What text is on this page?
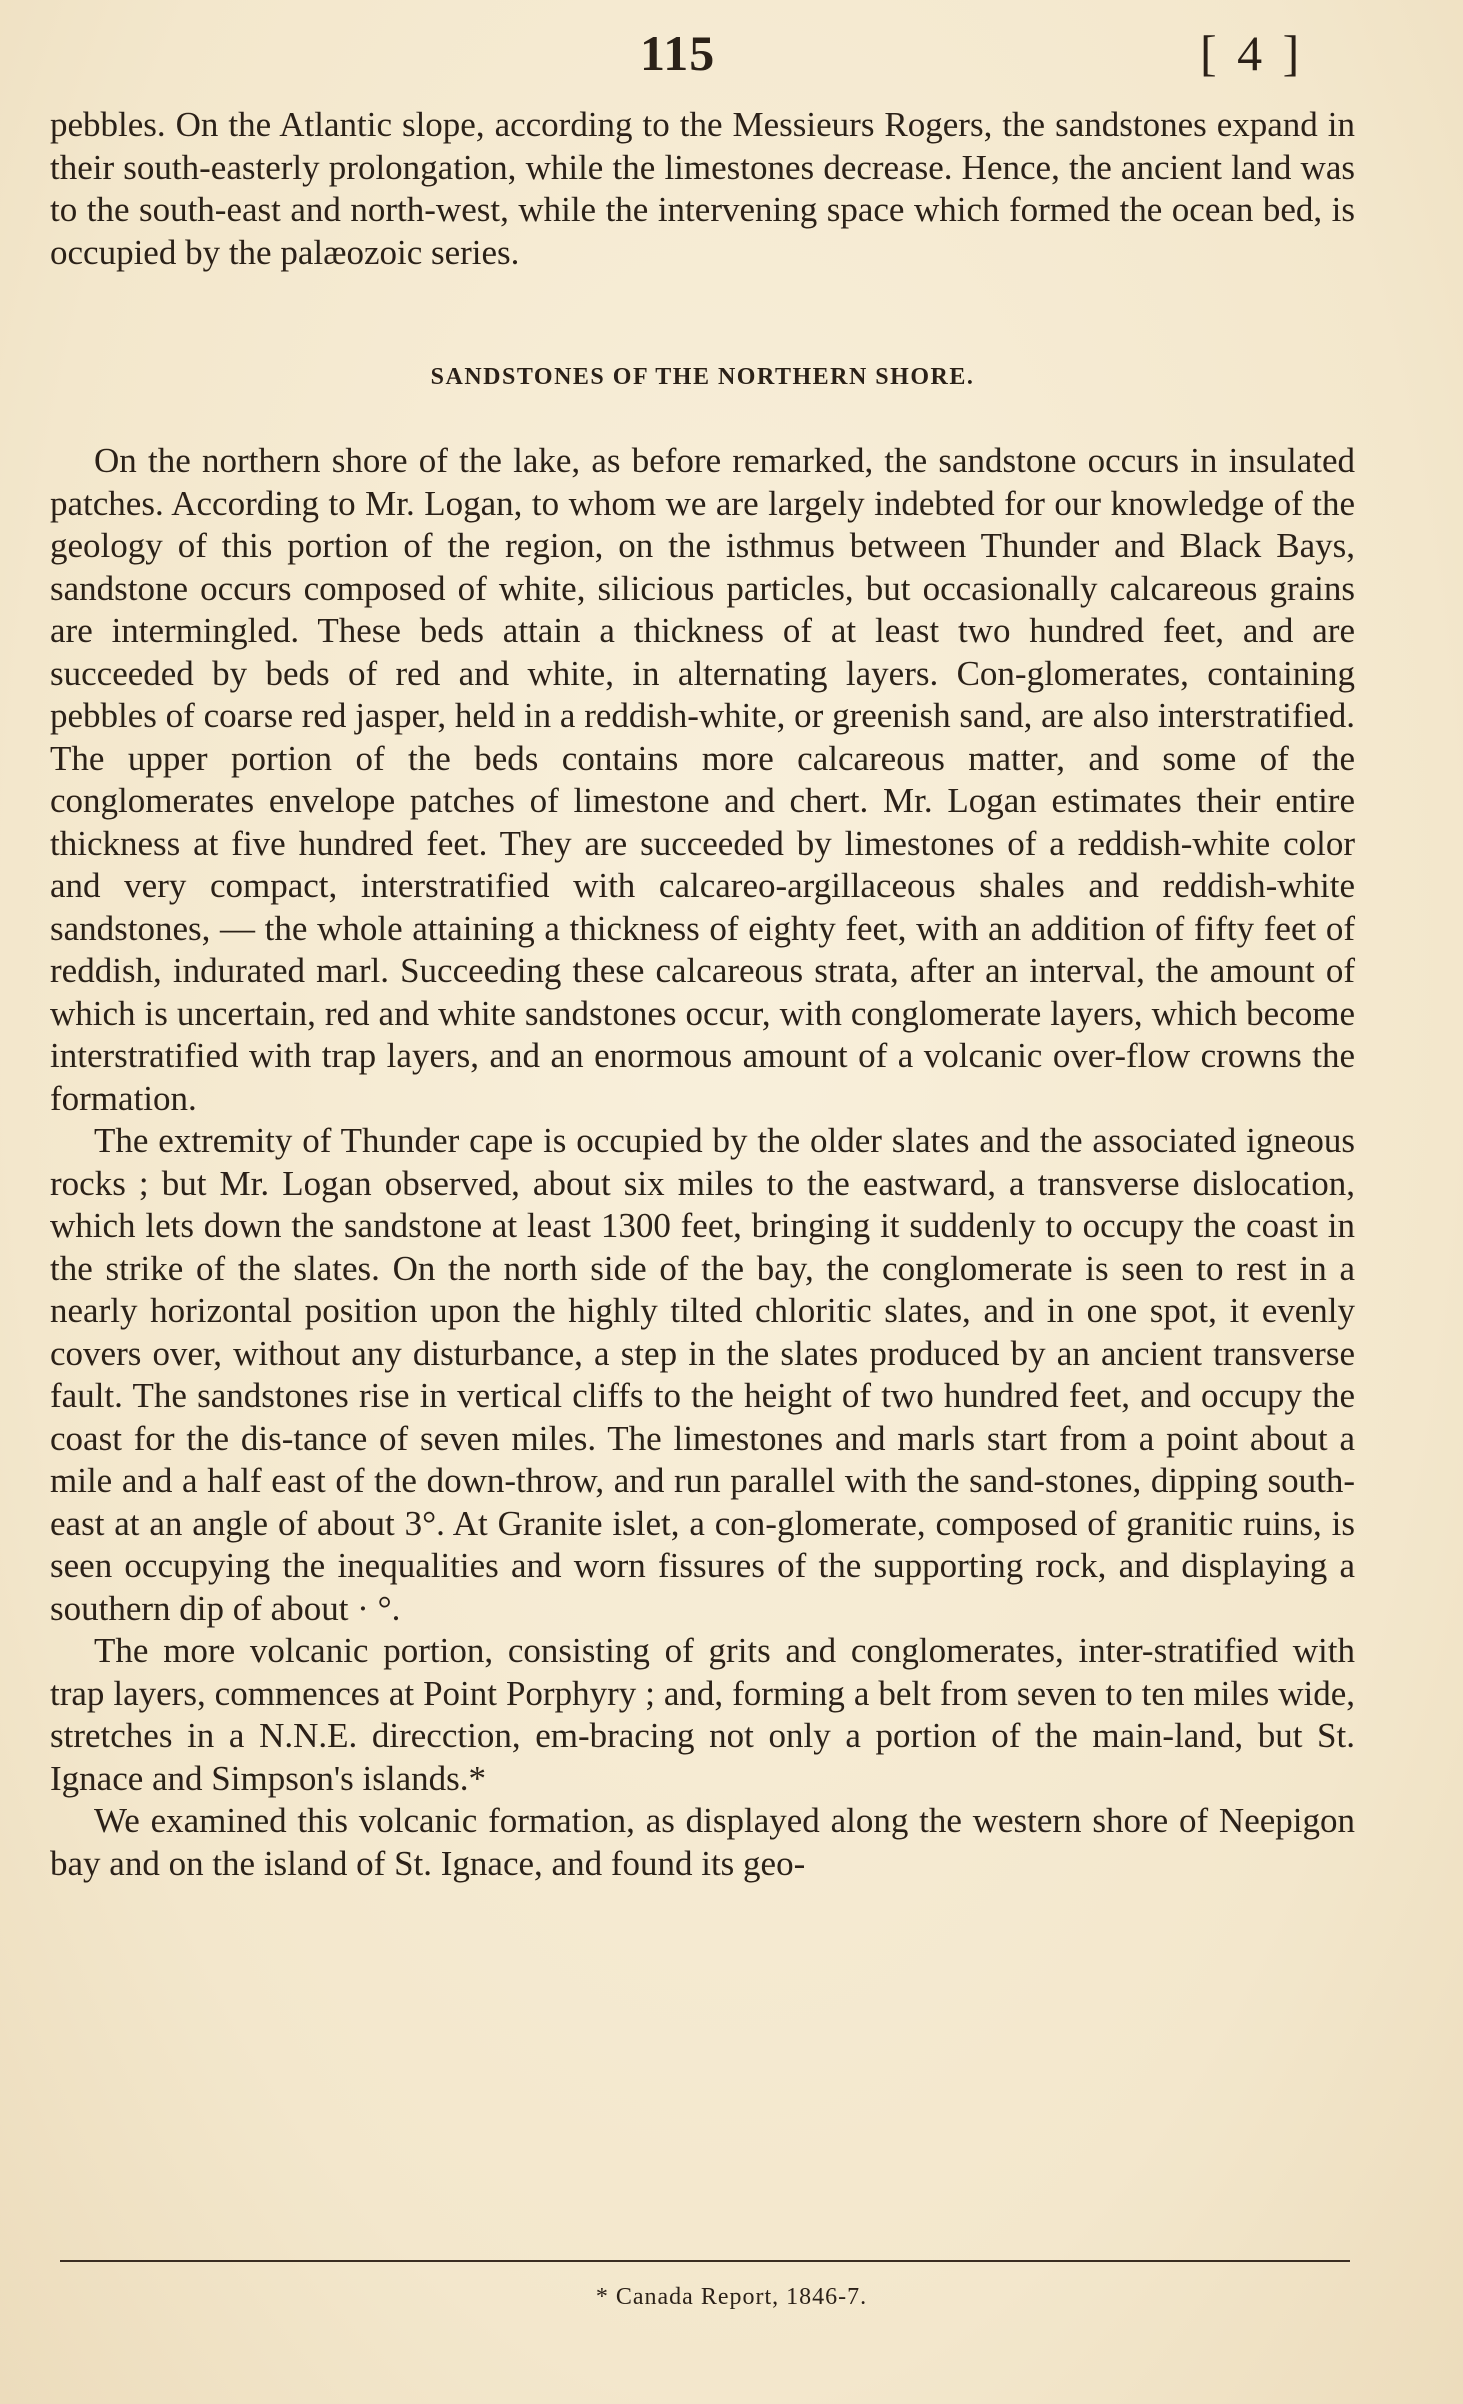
115	[ 4 ]

pebbles. On the Atlantic slope, according to the Messieurs Rogers, the sandstones expand in their south-easterly prolongation, while the limestones decrease. Hence, the ancient land was to the south-east and north-west, while the intervening space which formed the ocean bed, is occupied by the palæozoic series.

SANDSTONES OF THE NORTHERN SHORE.

On the northern shore of the lake, as before remarked, the sandstone occurs in insulated patches. According to Mr. Logan, to whom we are largely indebted for our knowledge of the geology of this portion of the region, on the isthmus between Thunder and Black Bays, sandstone occurs composed of white, silicious particles, but occasionally calcareous grains are intermingled. These beds attain a thickness of at least two hundred feet, and are succeeded by beds of red and white, in alternating layers. Con-glomerates, containing pebbles of coarse red jasper, held in a reddish-white, or greenish sand, are also interstratified. The upper portion of the beds contains more calcareous matter, and some of the conglomerates envelope patches of limestone and chert. Mr. Logan estimates their entire thickness at five hundred feet. They are succeeded by limestones of a reddish-white color and very compact, interstratified with calcareo-argillaceous shales and reddish-white sandstones, — the whole attaining a thickness of eighty feet, with an addition of fifty feet of reddish, indurated marl. Succeeding these calcareous strata, after an interval, the amount of which is uncertain, red and white sandstones occur, with conglomerate layers, which become interstratified with trap layers, and an enormous amount of a volcanic over-flow crowns the formation.

The extremity of Thunder cape is occupied by the older slates and the associated igneous rocks ; but Mr. Logan observed, about six miles to the eastward, a transverse dislocation, which lets down the sandstone at least 1300 feet, bringing it suddenly to occupy the coast in the strike of the slates. On the north side of the bay, the conglomerate is seen to rest in a nearly horizontal position upon the highly tilted chloritic slates, and in one spot, it evenly covers over, without any disturbance, a step in the slates produced by an ancient transverse fault. The sandstones rise in vertical cliffs to the height of two hundred feet, and occupy the coast for the dis-tance of seven miles. The limestones and marls start from a point about a mile and a half east of the down-throw, and run parallel with the sand-stones, dipping south-east at an angle of about 3°. At Granite islet, a con-glomerate, composed of granitic ruins, is seen occupying the inequalities and worn fissures of the supporting rock, and displaying a southern dip of about · °.

The more volcanic portion, consisting of grits and conglomerates, inter-stratified with trap layers, commences at Point Porphyry ; and, forming a belt from seven to ten miles wide, stretches in a N.N.E. direcction, em-bracing not only a portion of the main-land, but St. Ignace and Simpson's islands.*

We examined this volcanic formation, as displayed along the western shore of Neepigon bay and on the island of St. Ignace, and found its geo-

* Canada Report, 1846-7.
